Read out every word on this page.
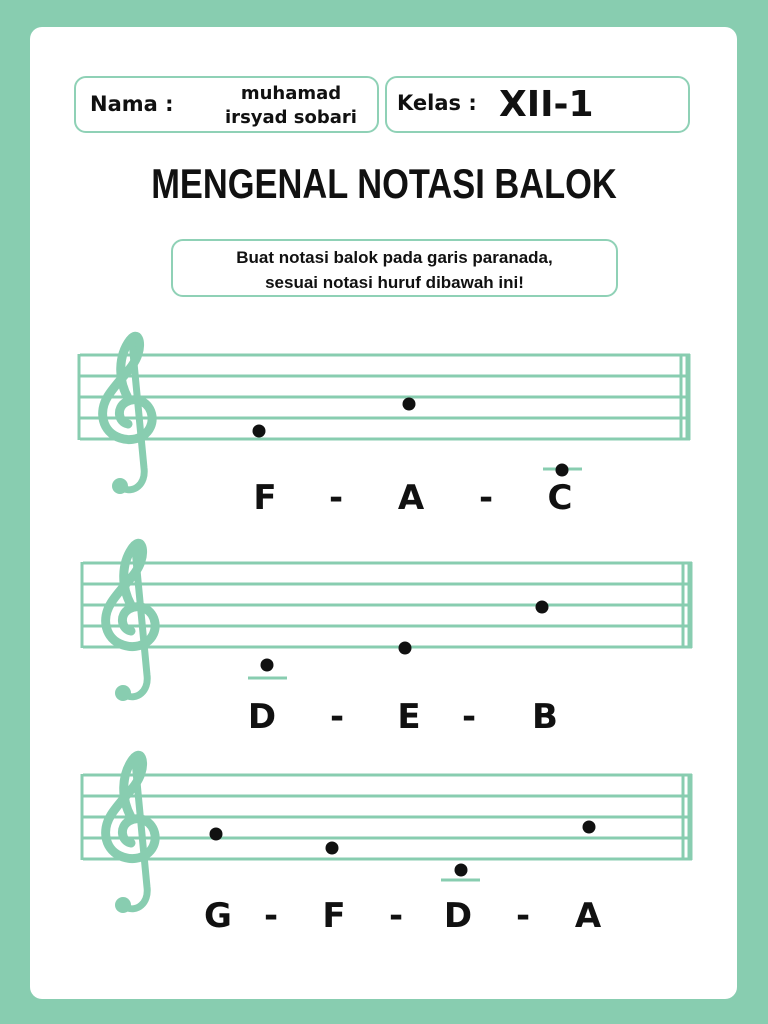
Nama :	muhamad
irsyad sobari
Kelas : XII-1
MENGENAL NOTASI BALOK
Buat notasi balok pada garis paranada,
sesuai notasi huruf dibawah ini!
F - A - C
D - E - B
G - F - D - A
